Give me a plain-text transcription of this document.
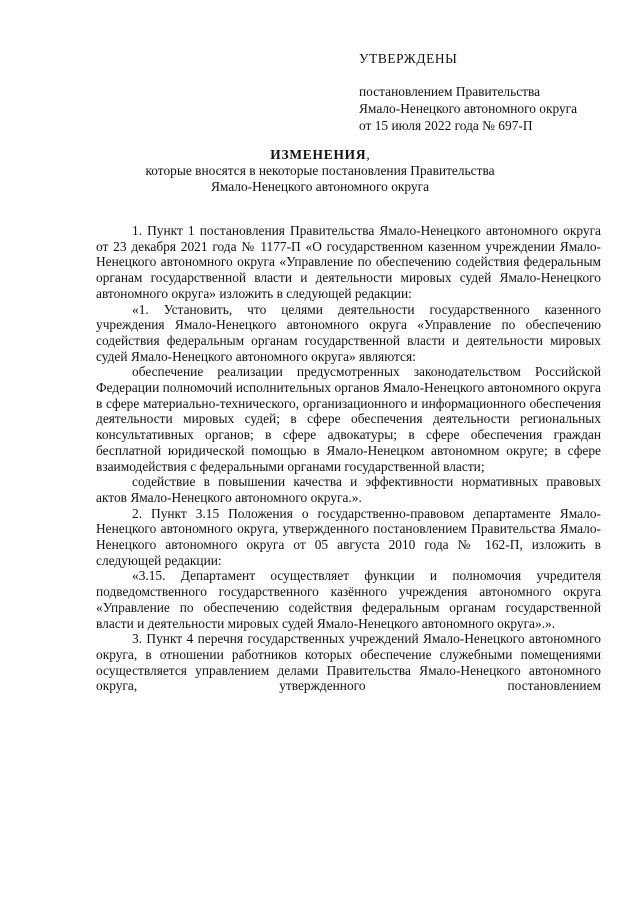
УТВЕРЖДЕНЫ
постановлением Правительства
Ямало-Ненецкого автономного округа
от 15 июля 2022 года № 697-П
ИЗМЕНЕНИЯ,
которые вносятся в некоторые постановления Правительства
Ямало-Ненецкого автономного округа

1. Пункт 1 постановления Правительства Ямало-Ненецкого автономного округа от 23 декабря 2021 года № 1177-П «О государственном казенном учреждении Ямало-Ненецкого автономного округа «Управление по обеспечению содействия федеральным органам государственной власти и деятельности мировых судей Ямало-Ненецкого автономного округа» изложить в следующей редакции:

«1. Установить, что целями деятельности государственного казенного учреждения Ямало-Ненецкого автономного округа «Управление по обеспечению содействия федеральным органам государственной власти и деятельности мировых судей Ямало-Ненецкого автономного округа» являются:

обеспечение реализации предусмотренных законодательством Российской Федерации полномочий исполнительных органов Ямало-Ненецкого автономного округа в сфере материально-технического, организационного и информационного обеспечения деятельности мировых судей; в сфере обеспечения деятельности региональных консультативных органов; в сфере адвокатуры; в сфере обеспечения граждан бесплатной юридической помощью в Ямало-Ненецком автономном округе; в сфере взаимодействия с федеральными органами государственной власти;

содействие в повышении качества и эффективности нормативных правовых актов Ямало-Ненецкого автономного округа.».

2. Пункт 3.15 Положения о государственно-правовом департаменте Ямало-Ненецкого автономного округа, утвержденного постановлением Правительства Ямало-Ненецкого автономного округа от 05 августа 2010 года № 162-П, изложить в следующей редакции:

«3.15. Департамент осуществляет функции и полномочия учредителя подведомственного государственного казённого учреждения автономного округа «Управление по обеспечению содействия федеральным органам государственной власти и деятельности мировых судей Ямало-Ненецкого автономного округа».».

3. Пункт 4 перечня государственных учреждений Ямало-Ненецкого автономного округа, в отношении работников которых обеспечение служебными помещениями осуществляется управлением делами Правительства Ямало-Ненецкого автономного округа, утвержденного постановлением
